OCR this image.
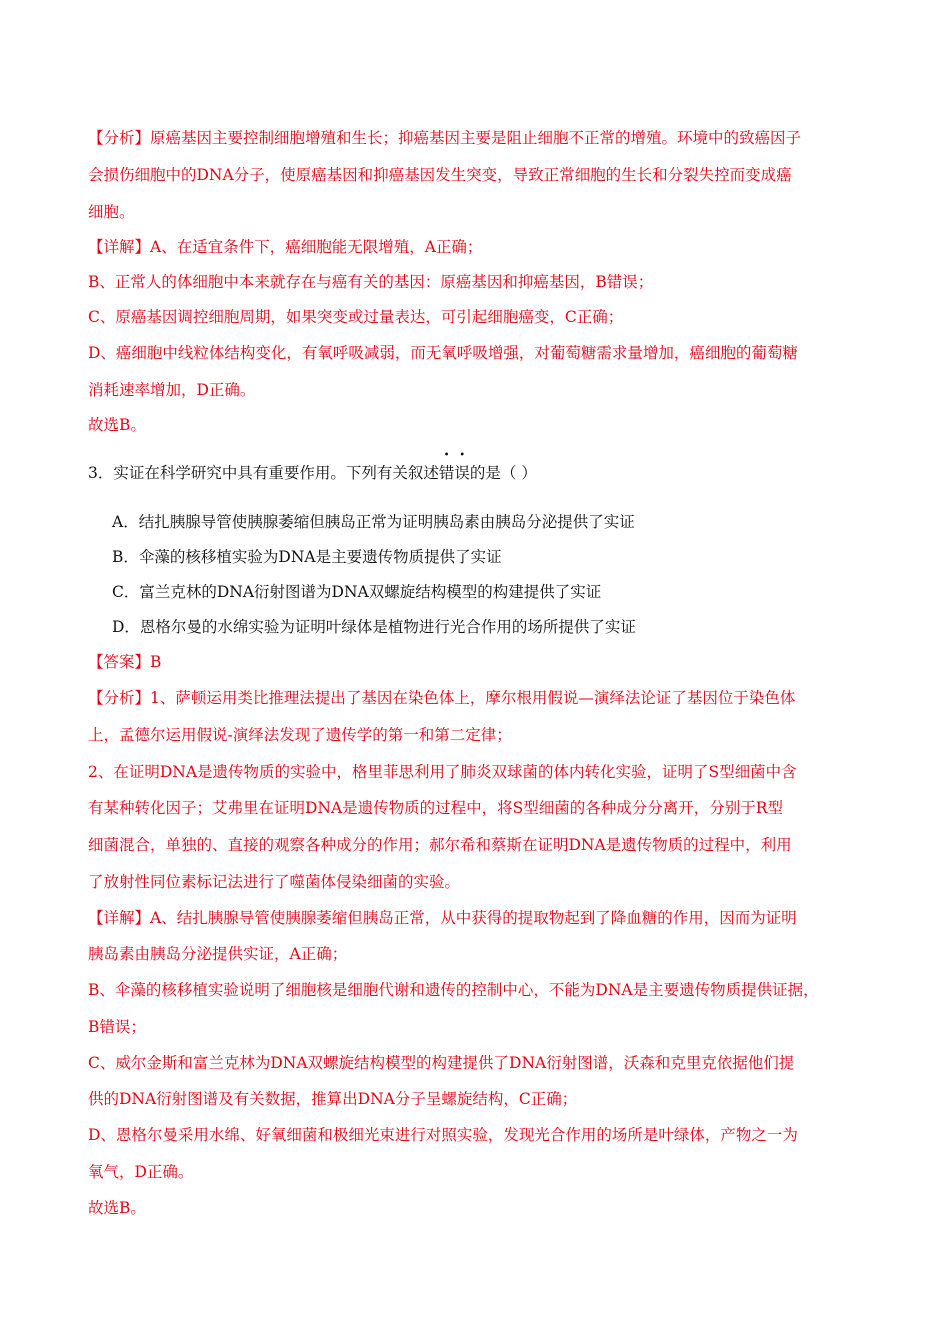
【分析】原癌基因主要控制细胞增殖和生长；抑癌基因主要是阻止细胞不正常的增殖。环境中的致癌因子
会损伤细胞中的DNA分子，使原癌基因和抑癌基因发生突变，导致正常细胞的生长和分裂失控而变成癌
细胞。
【详解】A、在适宜条件下，癌细胞能无限增殖，A正确；
B、正常人的体细胞中本来就存在与癌有关的基因：原癌基因和抑癌基因，B错误；
C、原癌基因调控细胞周期，如果突变或过量表达，可引起细胞癌变，C正确；
D、癌细胞中线粒体结构变化，有氧呼吸减弱，而无氧呼吸增强，对葡萄糖需求量增加，癌细胞的葡萄糖
消耗速率增加，D正确。
故选B。
3．实证在科学研究中具有重要作用。下列有关叙述错误的是（ ）
A．结扎胰腺导管使胰腺萎缩但胰岛正常为证明胰岛素由胰岛分泌提供了实证
B．伞藻的核移植实验为DNA是主要遗传物质提供了实证
C．富兰克林的DNA衍射图谱为DNA双螺旋结构模型的构建提供了实证
D．恩格尔曼的水绵实验为证明叶绿体是植物进行光合作用的场所提供了实证
【答案】B
【分析】1、萨顿运用类比推理法提出了基因在染色体上，摩尔根用假说—演绎法论证了基因位于染色体
上，孟德尔运用假说-演绎法发现了遗传学的第一和第二定律；
2、在证明DNA是遗传物质的实验中，格里菲思利用了肺炎双球菌的体内转化实验，证明了S型细菌中含
有某种转化因子；艾弗里在证明DNA是遗传物质的过程中，将S型细菌的各种成分分离开，分别于R型
细菌混合，单独的、直接的观察各种成分的作用；郝尔希和蔡斯在证明DNA是遗传物质的过程中，利用
了放射性同位素标记法进行了噬菌体侵染细菌的实验。
【详解】A、结扎胰腺导管使胰腺萎缩但胰岛正常，从中获得的提取物起到了降血糖的作用，因而为证明
胰岛素由胰岛分泌提供实证，A正确；
B、伞藻的核移植实验说明了细胞核是细胞代谢和遗传的控制中心，不能为DNA是主要遗传物质提供证据，
B错误；
C、威尔金斯和富兰克林为DNA双螺旋结构模型的构建提供了DNA衍射图谱，沃森和克里克依据他们提
供的DNA衍射图谱及有关数据，推算出DNA分子呈螺旋结构，C正确；
D、恩格尔曼采用水绵、好氧细菌和极细光束进行对照实验，发现光合作用的场所是叶绿体，产物之一为
氧气，D正确。
故选B。
